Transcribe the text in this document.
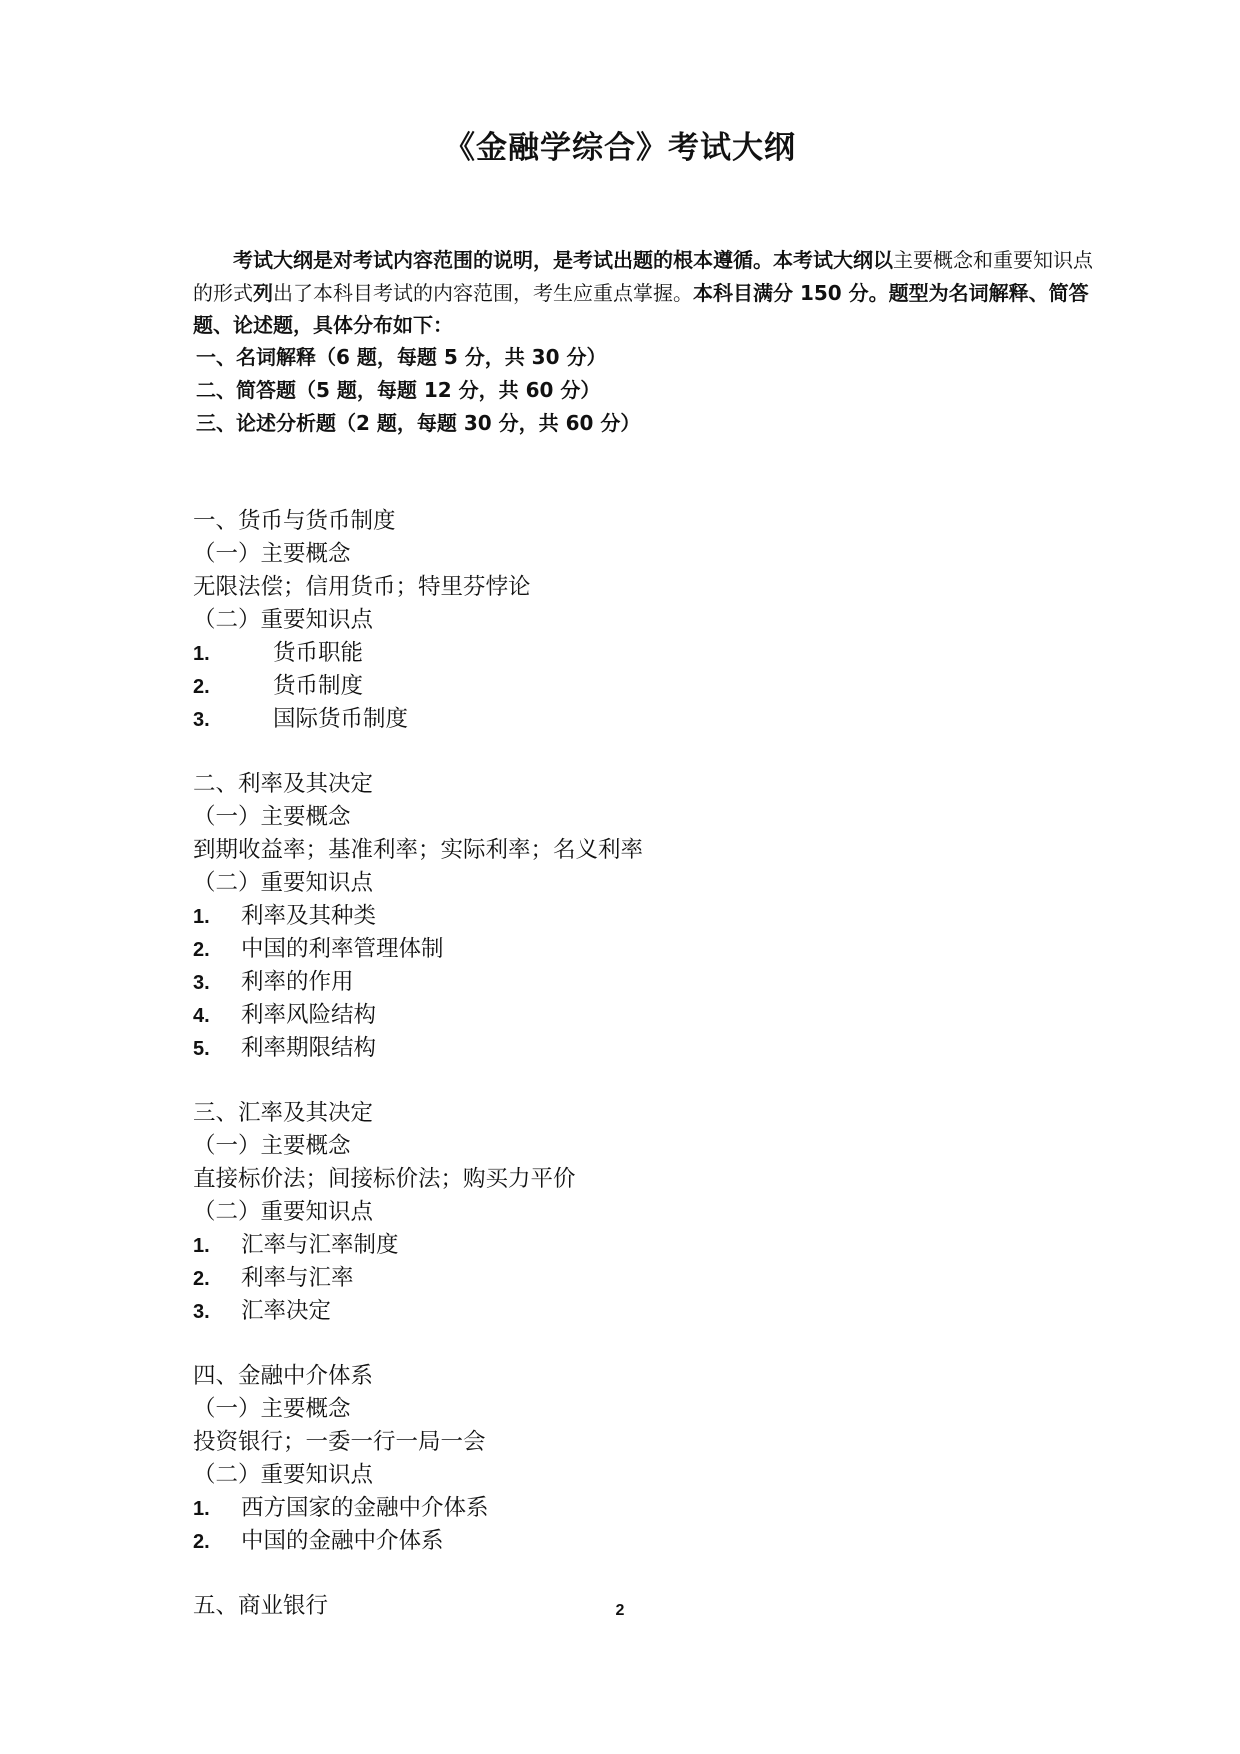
《金融学综合》考试大纲
考试大纲是对考试内容范围的说明，是考试出题的根本遵循。本考试大纲以主要概念和重要知识点的形式列出了本科目考试的内容范围，考生应重点掌握。本科目满分 150 分。题型为名词解释、简答题、论述题，具体分布如下：
一、名词解释（6 题，每题 5 分，共 30 分）
二、简答题（5 题，每题 12 分，共 60 分）
三、论述分析题（2 题，每题 30 分，共 60 分）
一、货币与货币制度
（一）主要概念
无限法偿；信用货币；特里芬悖论
（二）重要知识点
1.	货币职能
2.	货币制度
3.	国际货币制度
二、利率及其决定
（一）主要概念
到期收益率；基准利率；实际利率；名义利率
（二）重要知识点
1. 利率及其种类
2. 中国的利率管理体制
3. 利率的作用
4. 利率风险结构
5. 利率期限结构
三、汇率及其决定
（一）主要概念
直接标价法；间接标价法；购买力平价
（二）重要知识点
1. 汇率与汇率制度
2. 利率与汇率
3. 汇率决定
四、金融中介体系
（一）主要概念
投资银行；一委一行一局一会
（二）重要知识点
1. 西方国家的金融中介体系
2. 中国的金融中介体系
五、商业银行	2
